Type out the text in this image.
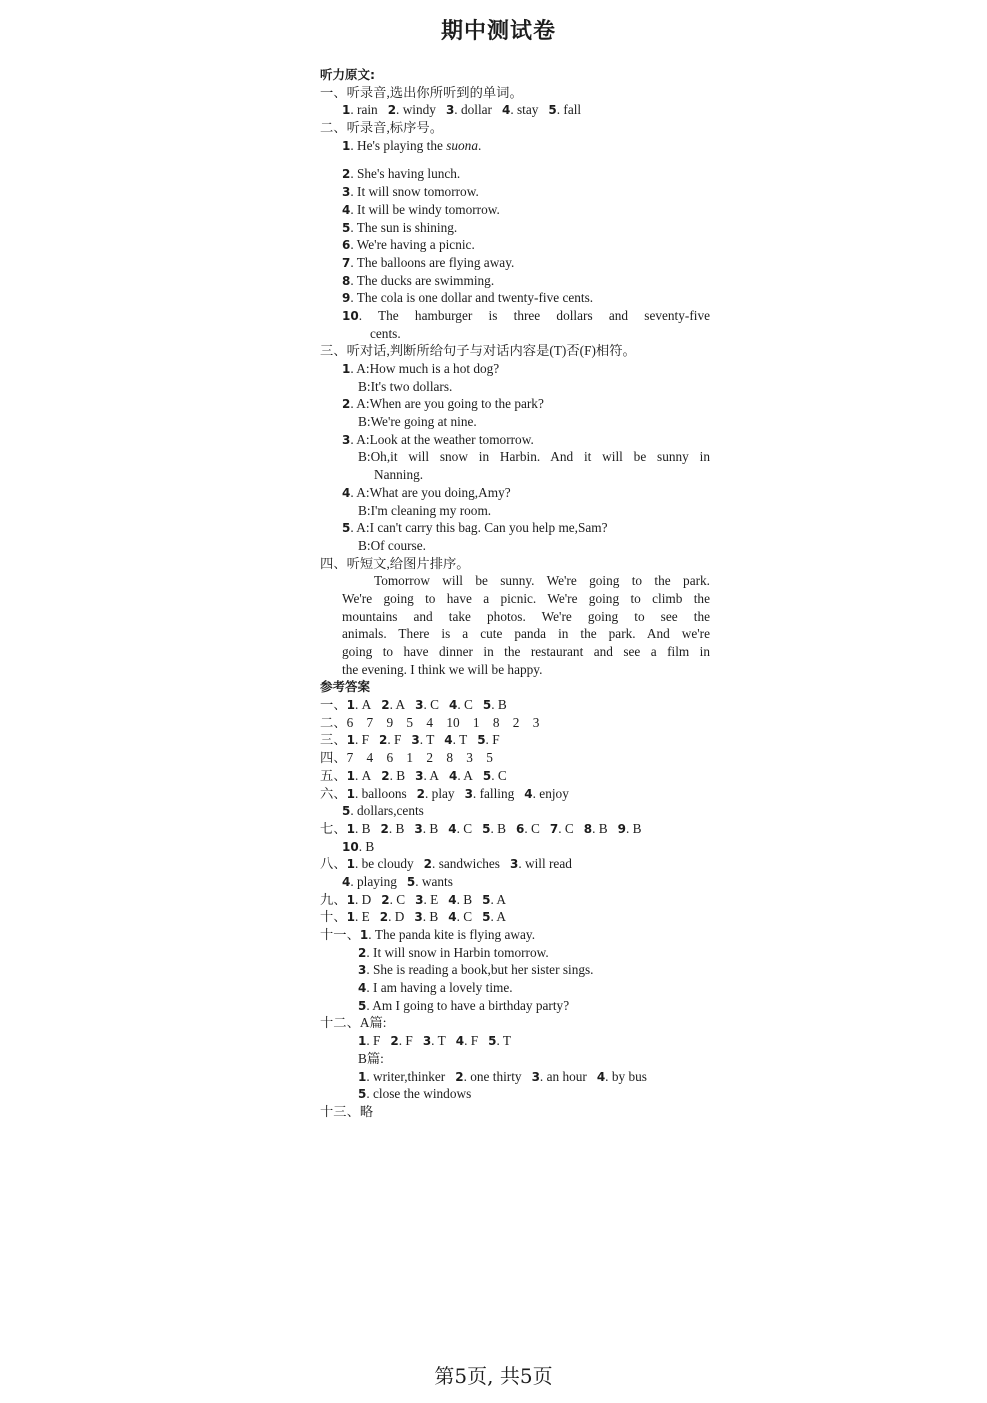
期中测试卷
听力原文:
一、听录音,选出你所听到的单词。
1. rain 2. windy 3. dollar 4. stay 5. fall
二、听录音,标序号。
1. He's playing the suona.
2. She's having lunch.
3. It will snow tomorrow.
4. It will be windy tomorrow.
5. The sun is shining.
6. We're having a picnic.
7. The balloons are flying away.
8. The ducks are swimming.
9. The cola is one dollar and twenty-five cents.
10. The hamburger is three dollars and seventy-five
cents.
三、听对话,判断所给句子与对话内容是(T)否(F)相符。
1. A:How much is a hot dog?
B:It's two dollars.
2. A:When are you going to the park?
B:We're going at nine.
3. A:Look at the weather tomorrow.
B:Oh,it will snow in Harbin. And it will be sunny in
Nanning.
4. A:What are you doing,Amy?
B:I'm cleaning my room.
5. A:I can't carry this bag. Can you help me,Sam?
B:Of course.
四、听短文,给图片排序。
Tomorrow will be sunny. We're going to the park.
We're going to have a picnic. We're going to climb the
mountains and take photos. We're going to see the
animals. There is a cute panda in the park. And we're
going to have dinner in the restaurant and see a film in
the evening. I think we will be happy.
参考答案
一、1. A 2. A 3. C 4. C 5. B
二、6　7　9　5　4　10　1　8　2　3
三、1. F 2. F 3. T 4. T 5. F
四、7　4　6　1　2　8　3　5
五、1. A 2. B 3. A 4. A 5. C
六、1. balloons 2. play 3. falling 4. enjoy
5. dollars,cents
七、1. B 2. B 3. B 4. C 5. B 6. C 7. C 8. B 9. B
10. B
八、1. be cloudy 2. sandwiches 3. will read
4. playing 5. wants
九、1. D 2. C 3. E 4. B 5. A
十、1. E 2. D 3. B 4. C 5. A
十一、1. The panda kite is flying away.
2. It will snow in Harbin tomorrow.
3. She is reading a book,but her sister sings.
4. I am having a lovely time.
5. Am I going to have a birthday party?
十二、A篇:
1. F 2. F 3. T 4. F 5. T
B篇:
1. writer,thinker 2. one thirty 3. an hour 4. by bus
5. close the windows
十三、略
第5页, 共5页
